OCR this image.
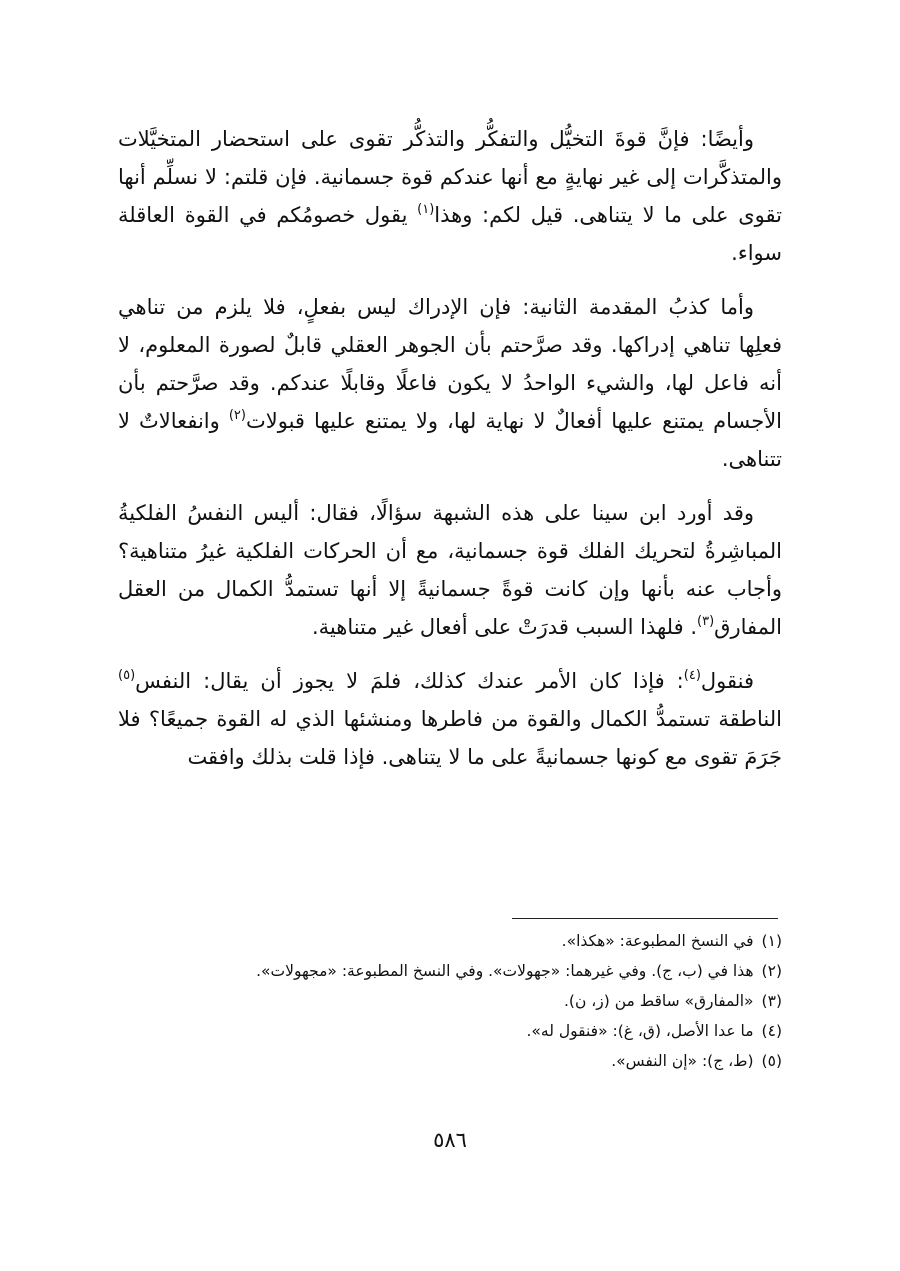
وأيضًا: فإنَّ قوةَ التخيُّل والتفكُّر والتذكُّر تقوى على استحضار المتخيَّلات والمتذكَّرات إلى غير نهايةٍ مع أنها عندكم قوة جسمانية. فإن قلتم: لا نسلِّم أنها تقوى على ما لا يتناهى. قيل لكم: وهذا$^{(١)}$ يقول خصومُكم في القوة العاقلة سواء.

وأما كذبُ المقدمة الثانية: فإن الإدراك ليس بفعلٍ، فلا يلزم من تناهي فعلِها تناهي إدراكها. وقد صرَّحتم بأن الجوهر العقلي قابلٌ لصورة المعلوم، لا أنه فاعل لها، والشيء الواحدُ لا يكون فاعلًا وقابلًا عندكم. وقد صرَّحتم بأن الأجسام يمتنع عليها أفعالٌ لا نهاية لها، ولا يمتنع عليها قبولات$^{(٢)}$ وانفعالاتٌ لا تتناهى.

وقد أورد ابن سينا على هذه الشبهة سؤالًا، فقال: أليس النفسُ الفلكيةُ المباشِرةُ لتحريك الفلك قوة جسمانية، مع أن الحركات الفلكية غيرُ متناهية؟ وأجاب عنه بأنها وإن كانت قوةً جسمانيةً إلا أنها تستمدُّ الكمال من العقل المفارق$^{(٣)}$. فلهذا السبب قدرَتْ على أفعال غير متناهية.

فنقول$^{(٤)}$: فإذا كان الأمر عندك كذلك، فلمَ لا يجوز أن يقال: النفس$^{(٥)}$ الناطقة تستمدُّ الكمال والقوة من فاطرها ومنشئها الذي له القوة جميعًا؟ فلا جَرَمَ تقوى مع كونها جسمانيةً على ما لا يتناهى. فإذا قلت بذلك وافقت

(١)
في النسخ المطبوعة: «هكذا».
(٢)
هذا في (ب، ج). وفي غيرهما: «جهولات». وفي النسخ المطبوعة: «مجهولات».
(٣)
«المفارق» ساقط من (ز، ن).
(٤)
ما عدا الأصل، (ق، غ): «فنقول له».
(٥)
(ط، ج): «إن النفس».
٥٨٦
